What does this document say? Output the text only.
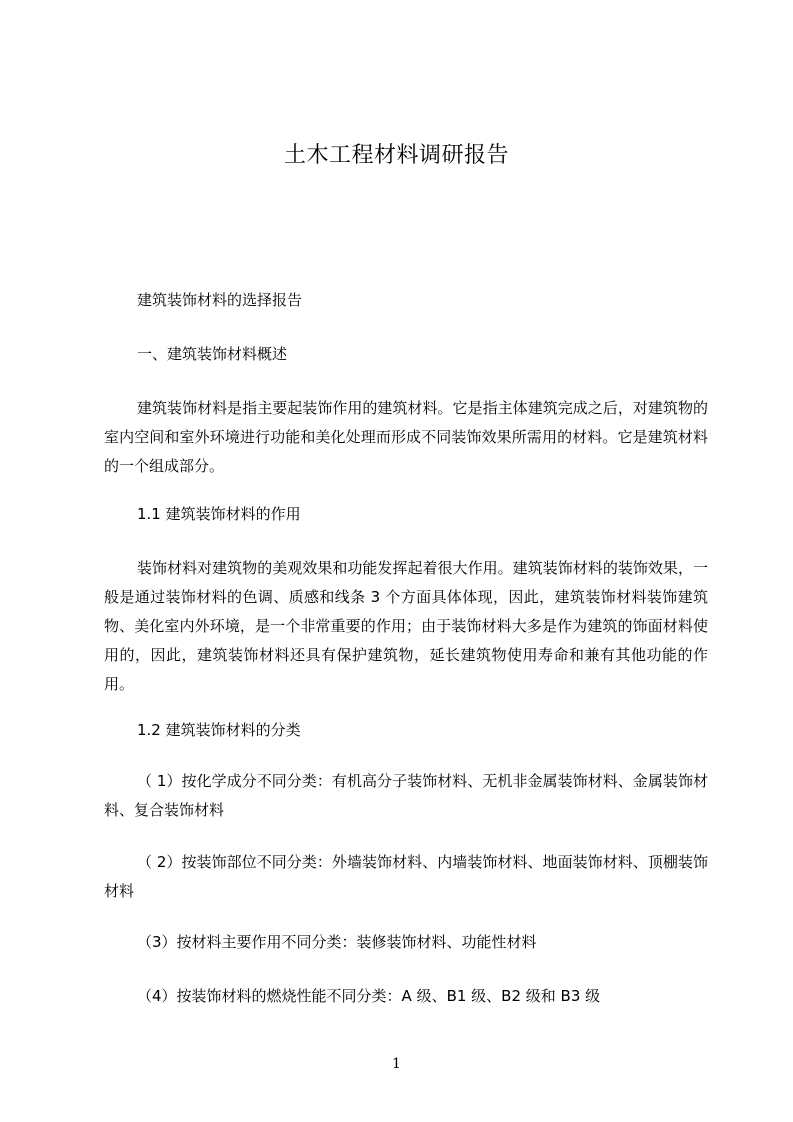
土木工程材料调研报告

建筑装饰材料的选择报告

一、建筑装饰材料概述

建筑装饰材料是指主要起装饰作用的建筑材料。它是指主体建筑完成之后，对建筑物的室内空间和室外环境进行功能和美化处理而形成不同装饰效果所需用的材料。它是建筑材料的一个组成部分。

1.1 建筑装饰材料的作用

装饰材料对建筑物的美观效果和功能发挥起着很大作用。建筑装饰材料的装饰效果，一般是通过装饰材料的色调、质感和线条 3 个方面具体体现，因此，建筑装饰材料装饰建筑物、美化室内外环境，是一个非常重要的作用；由于装饰材料大多是作为建筑的饰面材料使用的，因此，建筑装饰材料还具有保护建筑物，延长建筑物使用寿命和兼有其他功能的作用。

1.2 建筑装饰材料的分类

（ 1）按化学成分不同分类：有机高分子装饰材料、无机非金属装饰材料、金属装饰材料、复合装饰材料

（ 2）按装饰部位不同分类：外墙装饰材料、内墙装饰材料、地面装饰材料、顶棚装饰材料

（3）按材料主要作用不同分类：装修装饰材料、功能性材料

（4）按装饰材料的燃烧性能不同分类：A 级、B1 级、B2 级和 B3 级

1
